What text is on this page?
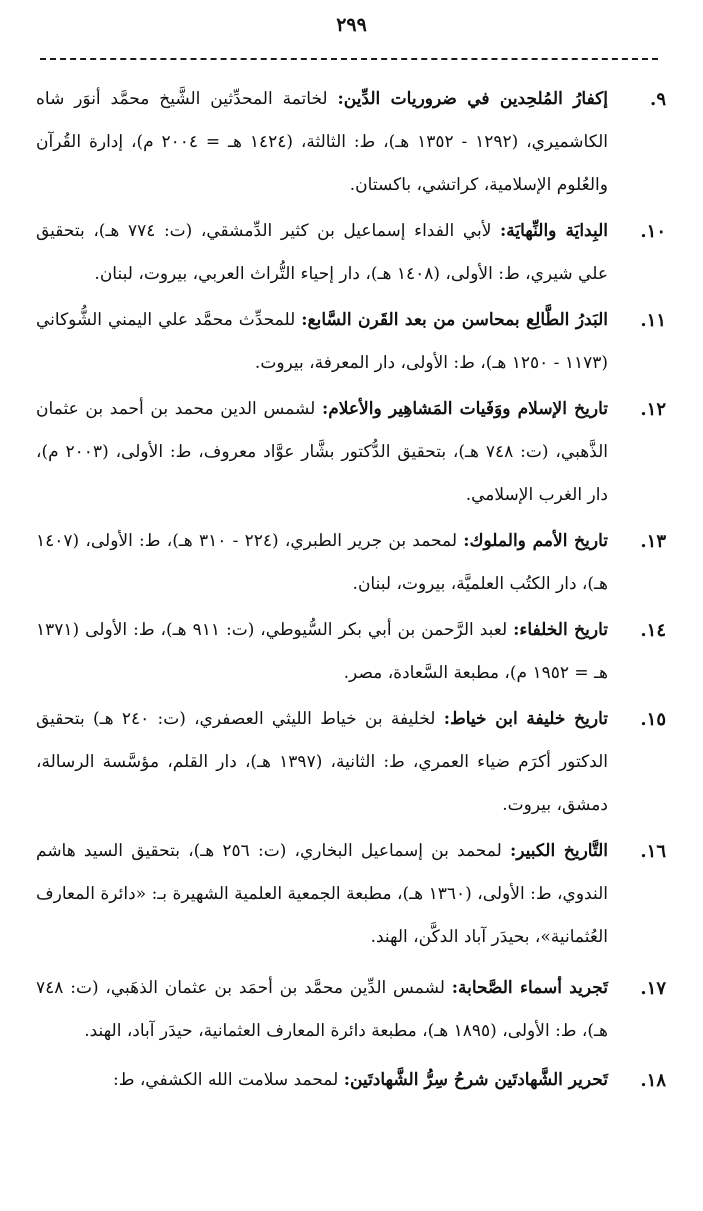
٢٩٩
٩.
إكفارُ المُلحِدين في ضروريات الدِّين: لخاتمة المحدِّثين الشَّيخ محمَّد أنوَر شاه الكاشميري، (١٢٩٢ - ١٣٥٢ هـ)، ط: الثالثة، (١٤٢٤ هـ = ٢٠٠٤ م)، إدارة القُرآن والعُلوم الإسلامية، كراتشي، باكستان.
١٠.
البِدايَة والنِّهايَة: لأبي الفداء إسماعيل بن كثير الدِّمشقي، (ت: ٧٧٤ هـ)، بتحقيق علي شيري، ط: الأولى، (١٤٠٨ هـ)، دار إحياء التُّراث العربي، بيروت، لبنان.
١١.
البَدرُ الطَّالِع بمحاسن من بعد القَرن السَّابع: للمحدِّث محمَّد علي اليمني الشُّوكاني (١١٧٣ - ١٢٥٠ هـ)، ط: الأولى، دار المعرفة، بيروت.
١٢.
تاريخ الإسلام ووَفَيات المَشاهِير والأعلام: لشمس الدين محمد بن أحمد بن عثمان الذَّهبي، (ت: ٧٤٨ هـ)، بتحقيق الدُّكتور بشَّار عوَّاد معروف، ط: الأولى، (٢٠٠٣ م)، دار الغرب الإسلامي.
١٣.
تاريخ الأمم والملوك: لمحمد بن جرير الطبري، (٢٢٤ - ٣١٠ هـ)، ط: الأولى، (١٤٠٧ هـ)، دار الكتُب العلميَّة، بيروت، لبنان.
١٤.
تاريخ الخلفاء: لعبد الرَّحمن بن أبي بكر السُّيوطي، (ت: ٩١١ هـ)، ط: الأولى (١٣٧١ هـ = ١٩٥٢ م)، مطبعة السَّعادة، مصر.
١٥.
تاريخ خليفة ابن خياط: لخليفة بن خياط الليثي العصفري، (ت: ٢٤٠ هـ) بتحقيق الدكتور أكرَم ضياء العمري، ط: الثانية، (١٣٩٧ هـ)، دار القلم، مؤسَّسة الرسالة، دمشق، بيروت.
١٦.
التَّاريخ الكبير: لمحمد بن إسماعيل البخاري، (ت: ٢٥٦ هـ)، بتحقيق السيد هاشم الندوي، ط: الأولى، (١٣٦٠ هـ)، مطبعة الجمعية العلمية الشهيرة بـ: «دائرة المعارف العُثمانية»، بحيدَر آباد الدكَّن، الهند.
١٧.
تَجريد أسماء الصَّحابة: لشمس الدِّين محمَّد بن أحمَد بن عثمان الذهَبي، (ت: ٧٤٨ هـ)، ط: الأولى، (١٨٩٥ هـ)، مطبعة دائرة المعارف العثمانية، حيدَر آباد، الهند.
١٨.
تَحرير الشَّهادتَين شرحُ سِرُّ الشَّهادتَين: لمحمد سلامت الله الكشفي، ط:
